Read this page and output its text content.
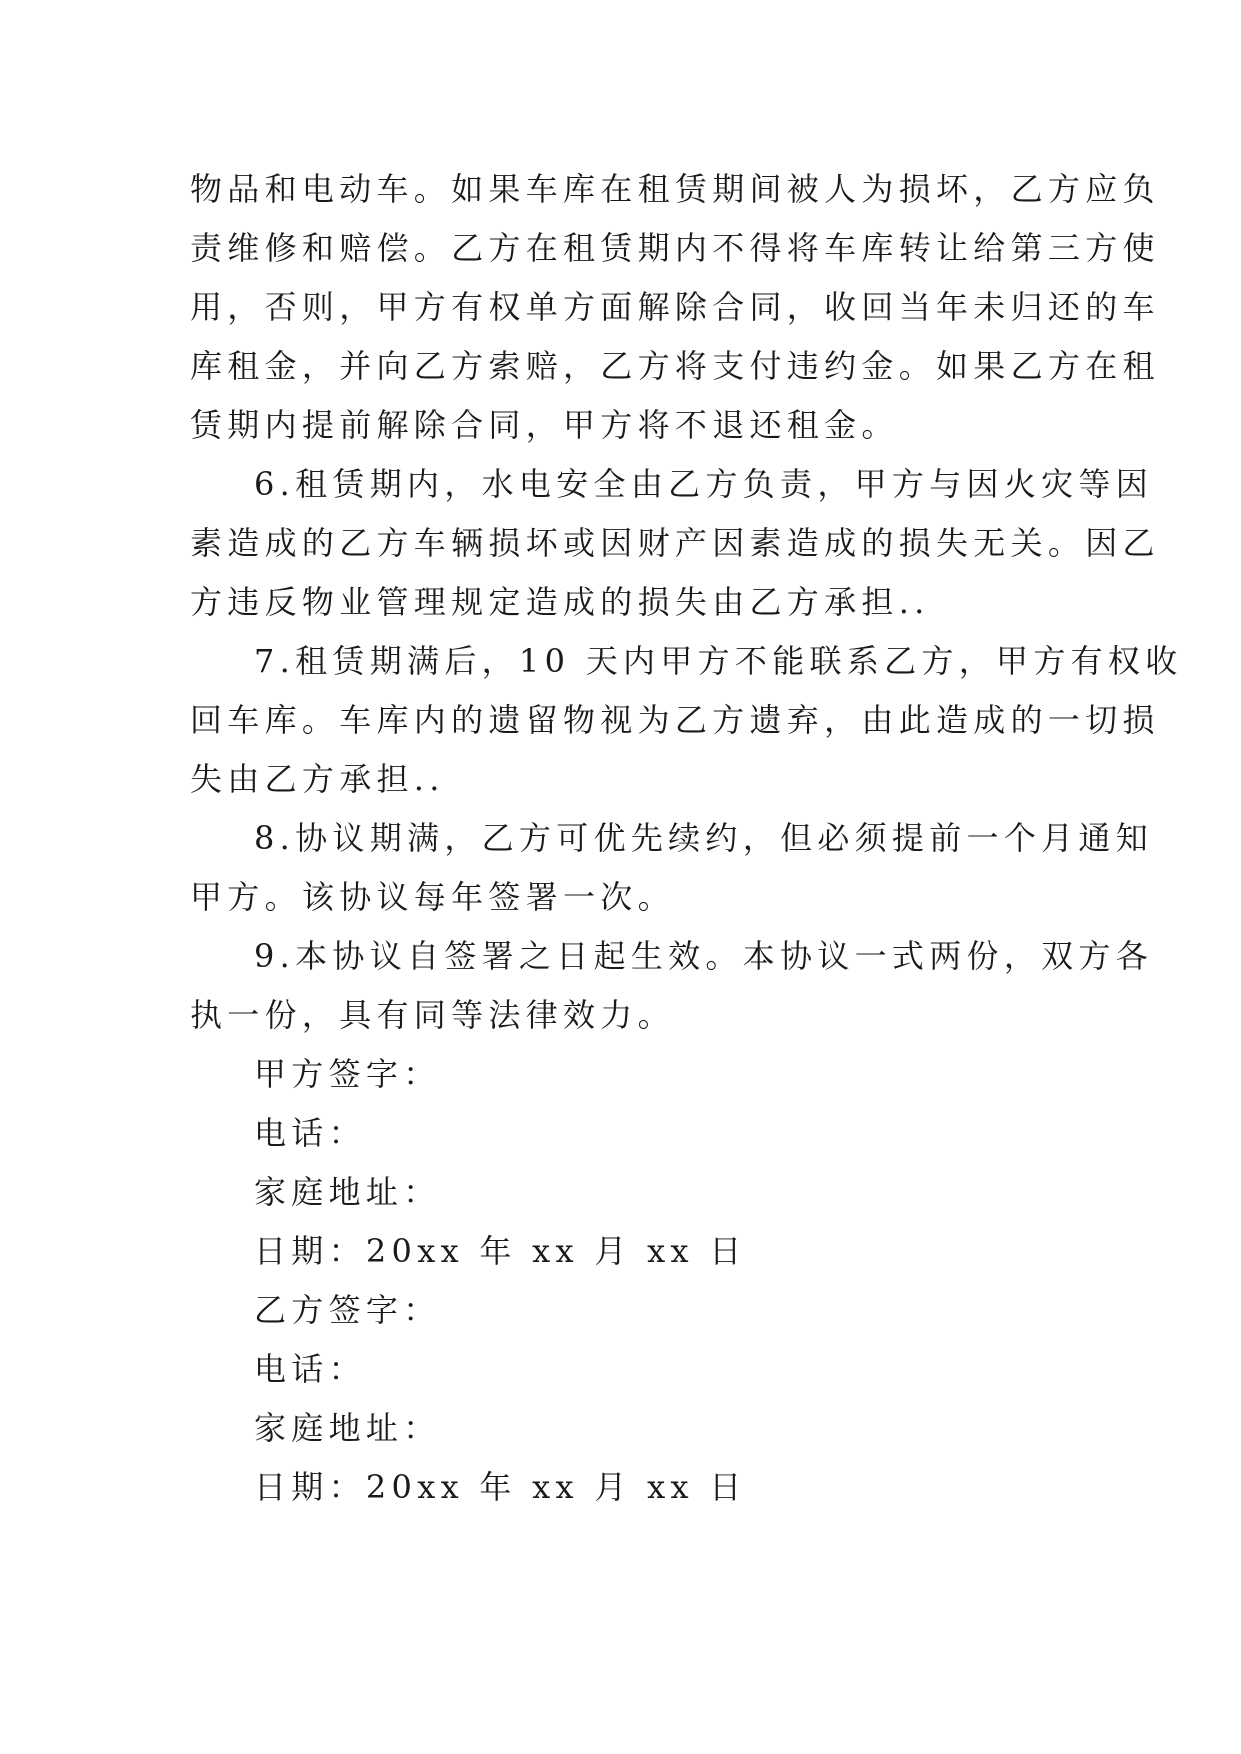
物品和电动车。如果车库在租赁期间被人为损坏，乙方应负
责维修和赔偿。乙方在租赁期内不得将车库转让给第三方使
用，否则，甲方有权单方面解除合同，收回当年未归还的车
库租金，并向乙方索赔，乙方将支付违约金。如果乙方在租
赁期内提前解除合同，甲方将不退还租金。
6.租赁期内，水电安全由乙方负责，甲方与因火灾等因
素造成的乙方车辆损坏或因财产因素造成的损失无关。因乙
方违反物业管理规定造成的损失由乙方承担..
7.租赁期满后，10 天内甲方不能联系乙方，甲方有权收
回车库。车库内的遗留物视为乙方遗弃，由此造成的一切损
失由乙方承担..
8.协议期满，乙方可优先续约，但必须提前一个月通知
甲方。该协议每年签署一次。
9.本协议自签署之日起生效。本协议一式两份，双方各
执一份，具有同等法律效力。
甲方签字：
电话：
家庭地址：
日期：20xx 年 xx 月 xx 日
乙方签字：
电话：
家庭地址：
日期：20xx 年 xx 月 xx 日
